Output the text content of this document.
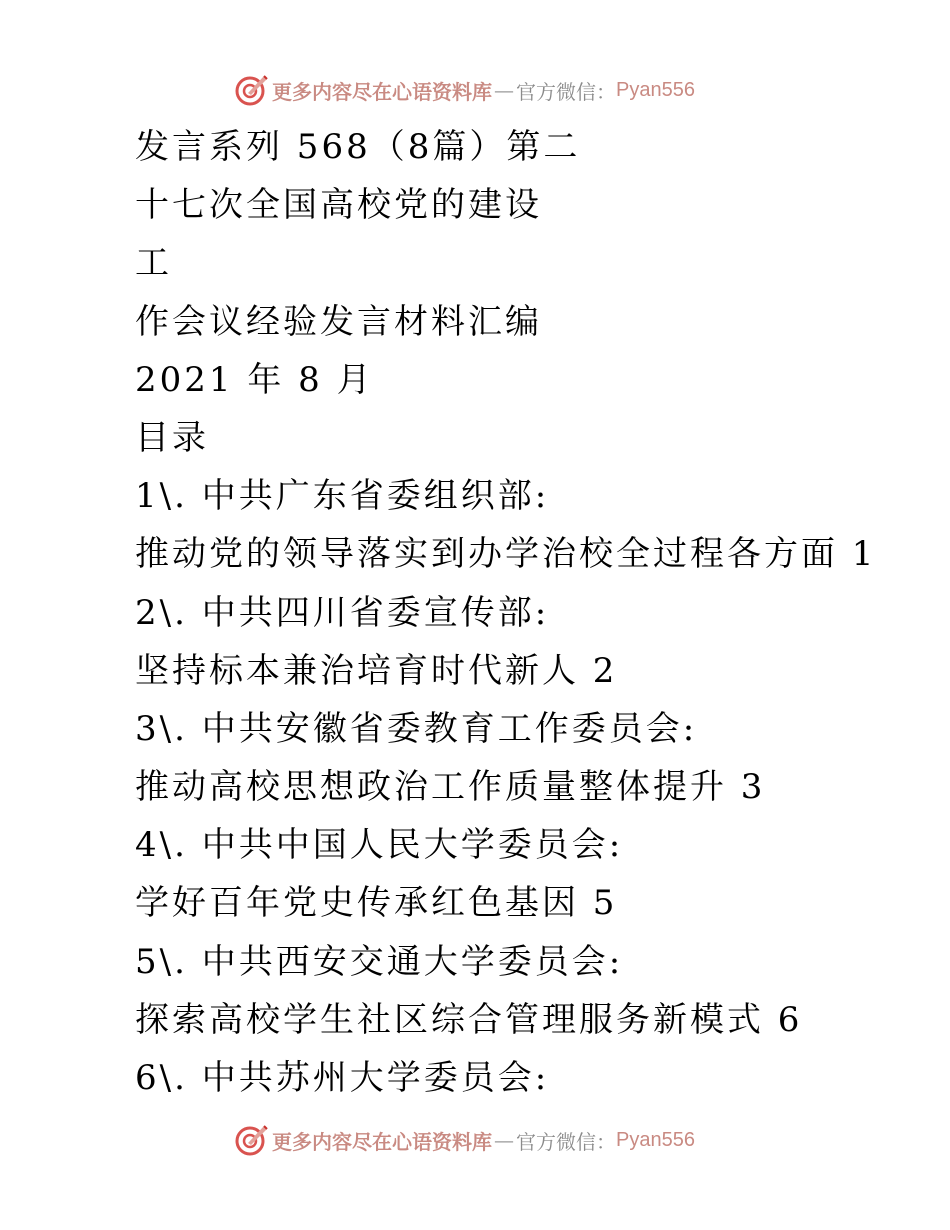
更多内容尽在心语资料库 — 官方微信： Pyan556
发言系列 568（8篇）第二
十七次全国高校党的建设
工
作会议经验发言材料汇编
2021 年 8 月
目录
1\. 中共广东省委组织部:
推动党的领导落实到办学治校全过程各方面 1
2\. 中共四川省委宣传部:
坚持标本兼治培育时代新人 2
3\. 中共安徽省委教育工作委员会:
推动高校思想政治工作质量整体提升 3
4\. 中共中国人民大学委员会:
学好百年党史传承红色基因 5
5\. 中共西安交通大学委员会:
探索高校学生社区综合管理服务新模式 6
6\. 中共苏州大学委员会:
更多内容尽在心语资料库 — 官方微信： Pyan556
